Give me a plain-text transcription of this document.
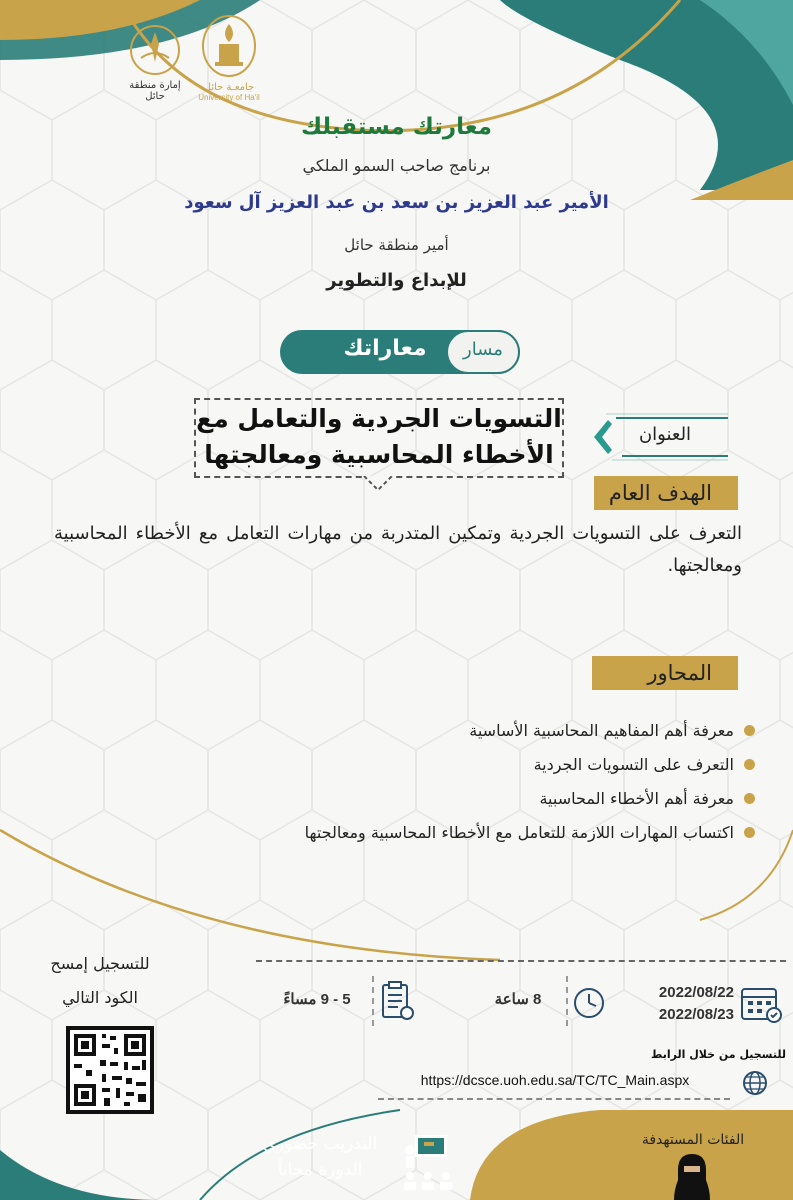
جامعـة حائل
University of Ha'il
إمارة منطقة حائل
معارتك مستقبلك
برنامج صاحب السمو الملكي
الأمير عبد العزيز بن سعد بن عبد العزيز آل سعود
أمير منطقة حائل
للإبداع والتطوير
مسار
معاراتك
العنوان
التسويات الجردية والتعامل مع
الأخطاء المحاسبية ومعالجتها
الهدف العام
التعرف على التسويات الجردية وتمكين المتدربة من مهارات التعامل مع الأخطاء المحاسبية ومعالجتها.
المحاور
معرفة أهم المفاهيم المحاسبية الأساسية
التعرف على التسويات الجردية
معرفة أهم الأخطاء المحاسبية
اكتساب المهارات اللازمة للتعامل مع الأخطاء المحاسبية ومعالجتها
2022/08/22
2022/08/23
8 ساعة
5 - 9 مساءً
للتسجيل إمسح
الكود التالي
للتسجيل من خلال الرابط
https://dcsce.uoh.edu.sa/TC/TC_Main.aspx
الفئات المستهدفة
التدريب حضوري
الدورة مجاناً
